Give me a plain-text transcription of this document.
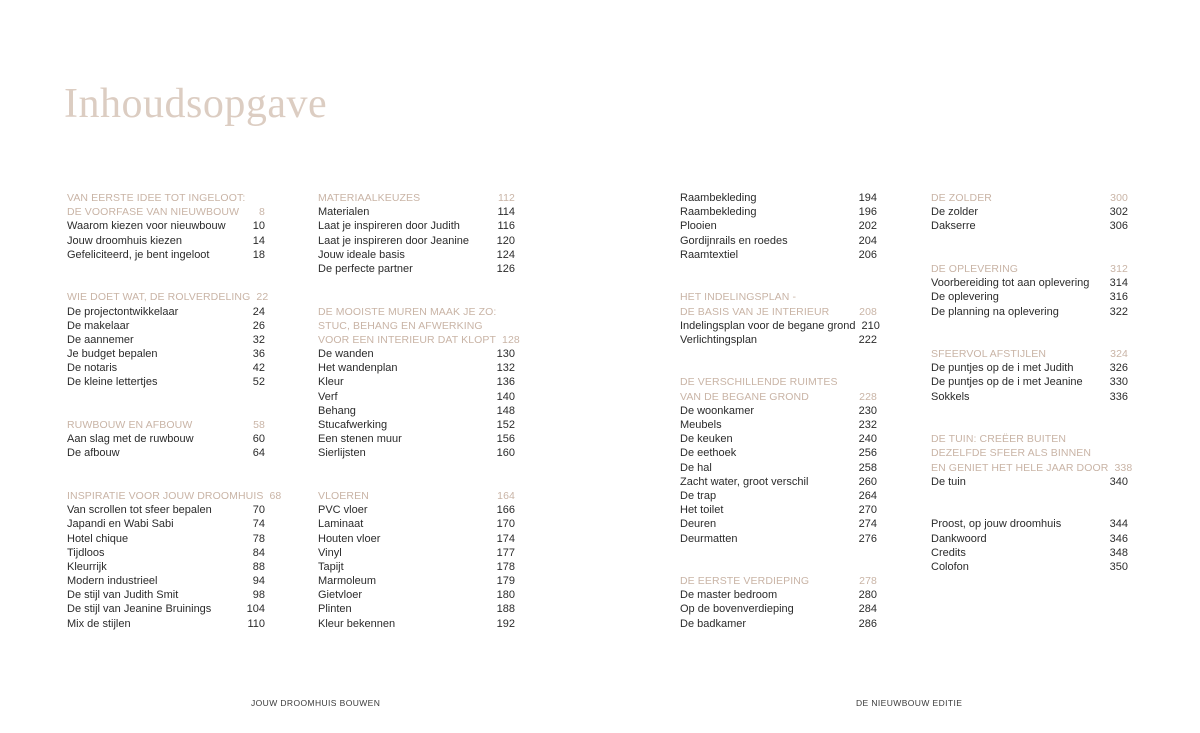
Inhoudsopgave
VAN EERSTE IDEE TOT INGELOOT:
DE VOORFASE VAN NIEUWBOUW	8
Waarom kiezen voor nieuwbouw	10
Jouw droomhuis kiezen	14
Gefeliciteerd, je bent ingeloot	18
WIE DOET WAT, DE ROLVERDELING 22
De projectontwikkelaar	24
De makelaar	26
De aannemer	32
Je budget bepalen	36
De notaris	42
De kleine lettertjes	52
RUWBOUW EN AFBOUW	58
Aan slag met de ruwbouw	60
De afbouw	64
INSPIRATIE VOOR JOUW DROOMHUIS 68
Van scrollen tot sfeer bepalen	70
Japandi en Wabi Sabi	74
Hotel chique	78
Tijdloos	84
Kleurrijk	88
Modern industrieel	94
De stijl van Judith Smit	98
De stijl van Jeanine Bruinings	104
Mix de stijlen	110
MATERIAALKEUZES	112
Materialen	114
Laat je inspireren door Judith	116
Laat je inspireren door Jeanine	120
Jouw ideale basis	124
De perfecte partner	126
DE MOOISTE MUREN MAAK JE ZO:
STUC, BEHANG EN AFWERKING
VOOR EEN INTERIEUR DAT KLOPT 128
De wanden	130
Het wandenplan	132
Kleur	136
Verf	140
Behang	148
Stucafwerking	152
Een stenen muur	156
Sierlijsten	160
VLOEREN	164
PVC vloer	166
Laminaat	170
Houten vloer	174
Vinyl	177
Tapijt	178
Marmoleum	179
Gietvloer	180
Plinten	188
Kleur bekennen	192
Raambekleding	194
Raambekleding	196
Plooien	202
Gordijnrails en roedes	204
Raamtextiel	206
HET INDELINGSPLAN -
DE BASIS VAN JE INTERIEUR	208
Indelingsplan voor de begane grond 210
Verlichtingsplan	222
DE VERSCHILLENDE RUIMTES
VAN DE BEGANE GROND	228
De woonkamer	230
Meubels	232
De keuken	240
De eethoek	256
De hal	258
Zacht water, groot verschil	260
De trap	264
Het toilet	270
Deuren	274
Deurmatten	276
DE EERSTE VERDIEPING	278
De master bedroom	280
Op de bovenverdieping	284
De badkamer	286
DE ZOLDER	300
De zolder	302
Dakserre	306
DE OPLEVERING	312
Voorbereiding tot aan oplevering	314
De oplevering	316
De planning na oplevering	322
SFEERVOL AFSTIJLEN	324
De puntjes op de i met Judith	326
De puntjes op de i met Jeanine	330
Sokkels	336
DE TUIN: CREËER BUITEN
DEZELFDE SFEER ALS BINNEN
EN GENIET HET HELE JAAR DOOR 338
De tuin	340
Proost, op jouw droomhuis	344
Dankwoord	346
Credits	348
Colofon	350
JOUW DROOMHUIS BOUWEN	DE NIEUWBOUW EDITIE
